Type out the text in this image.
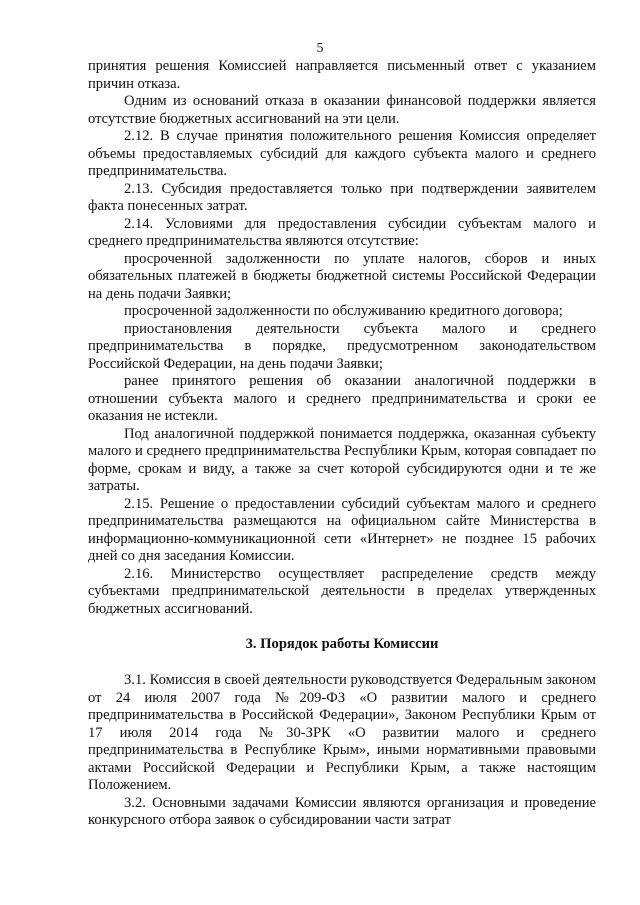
5

принятия решения Комиссией направляется письменный ответ с указанием причин отказа.

Одним из оснований отказа в оказании финансовой поддержки является отсутствие бюджетных ассигнований на эти цели.

2.12. В случае принятия положительного решения Комиссия определяет объемы предоставляемых субсидий для каждого субъекта малого и среднего предпринимательства.

2.13. Субсидия предоставляется только при подтверждении заявителем факта понесенных затрат.

2.14. Условиями для предоставления субсидии субъектам малого и среднего предпринимательства являются отсутствие:

просроченной задолженности по уплате налогов, сборов и иных обязательных платежей в бюджеты бюджетной системы Российской Федерации на день подачи Заявки;

просроченной задолженности по обслуживанию кредитного договора;

приостановления деятельности субъекта малого и среднего предпринимательства в порядке, предусмотренном законодательством Российской Федерации, на день подачи Заявки;

ранее принятого решения об оказании аналогичной поддержки в отношении субъекта малого и среднего предпринимательства и сроки ее оказания не истекли.

Под аналогичной поддержкой понимается поддержка, оказанная субъекту малого и среднего предпринимательства Республики Крым, которая совпадает по форме, срокам и виду, а также за счет которой субсидируются одни и те же затраты.

2.15. Решение о предоставлении субсидий субъектам малого и среднего предпринимательства размещаются на официальном сайте Министерства в информационно-коммуникационной сети «Интернет» не позднее 15 рабочих дней со дня заседания Комиссии.

2.16. Министерство осуществляет распределение средств между субъектами предпринимательской деятельности в пределах утвержденных бюджетных ассигнований.

3. Порядок работы Комиссии

3.1. Комиссия в своей деятельности руководствуется Федеральным законом от 24 июля 2007 года №209-ФЗ «О развитии малого и среднего предпринимательства в Российской Федерации», Законом Республики Крым от 17 июля 2014 года №30-ЗРК «О развитии малого и среднего предпринимательства в Республике Крым», иными нормативными правовыми актами Российской Федерации и Республики Крым, а также настоящим Положением.

3.2. Основными задачами Комиссии являются организация и проведение конкурсного отбора заявок о субсидировании части затрат
